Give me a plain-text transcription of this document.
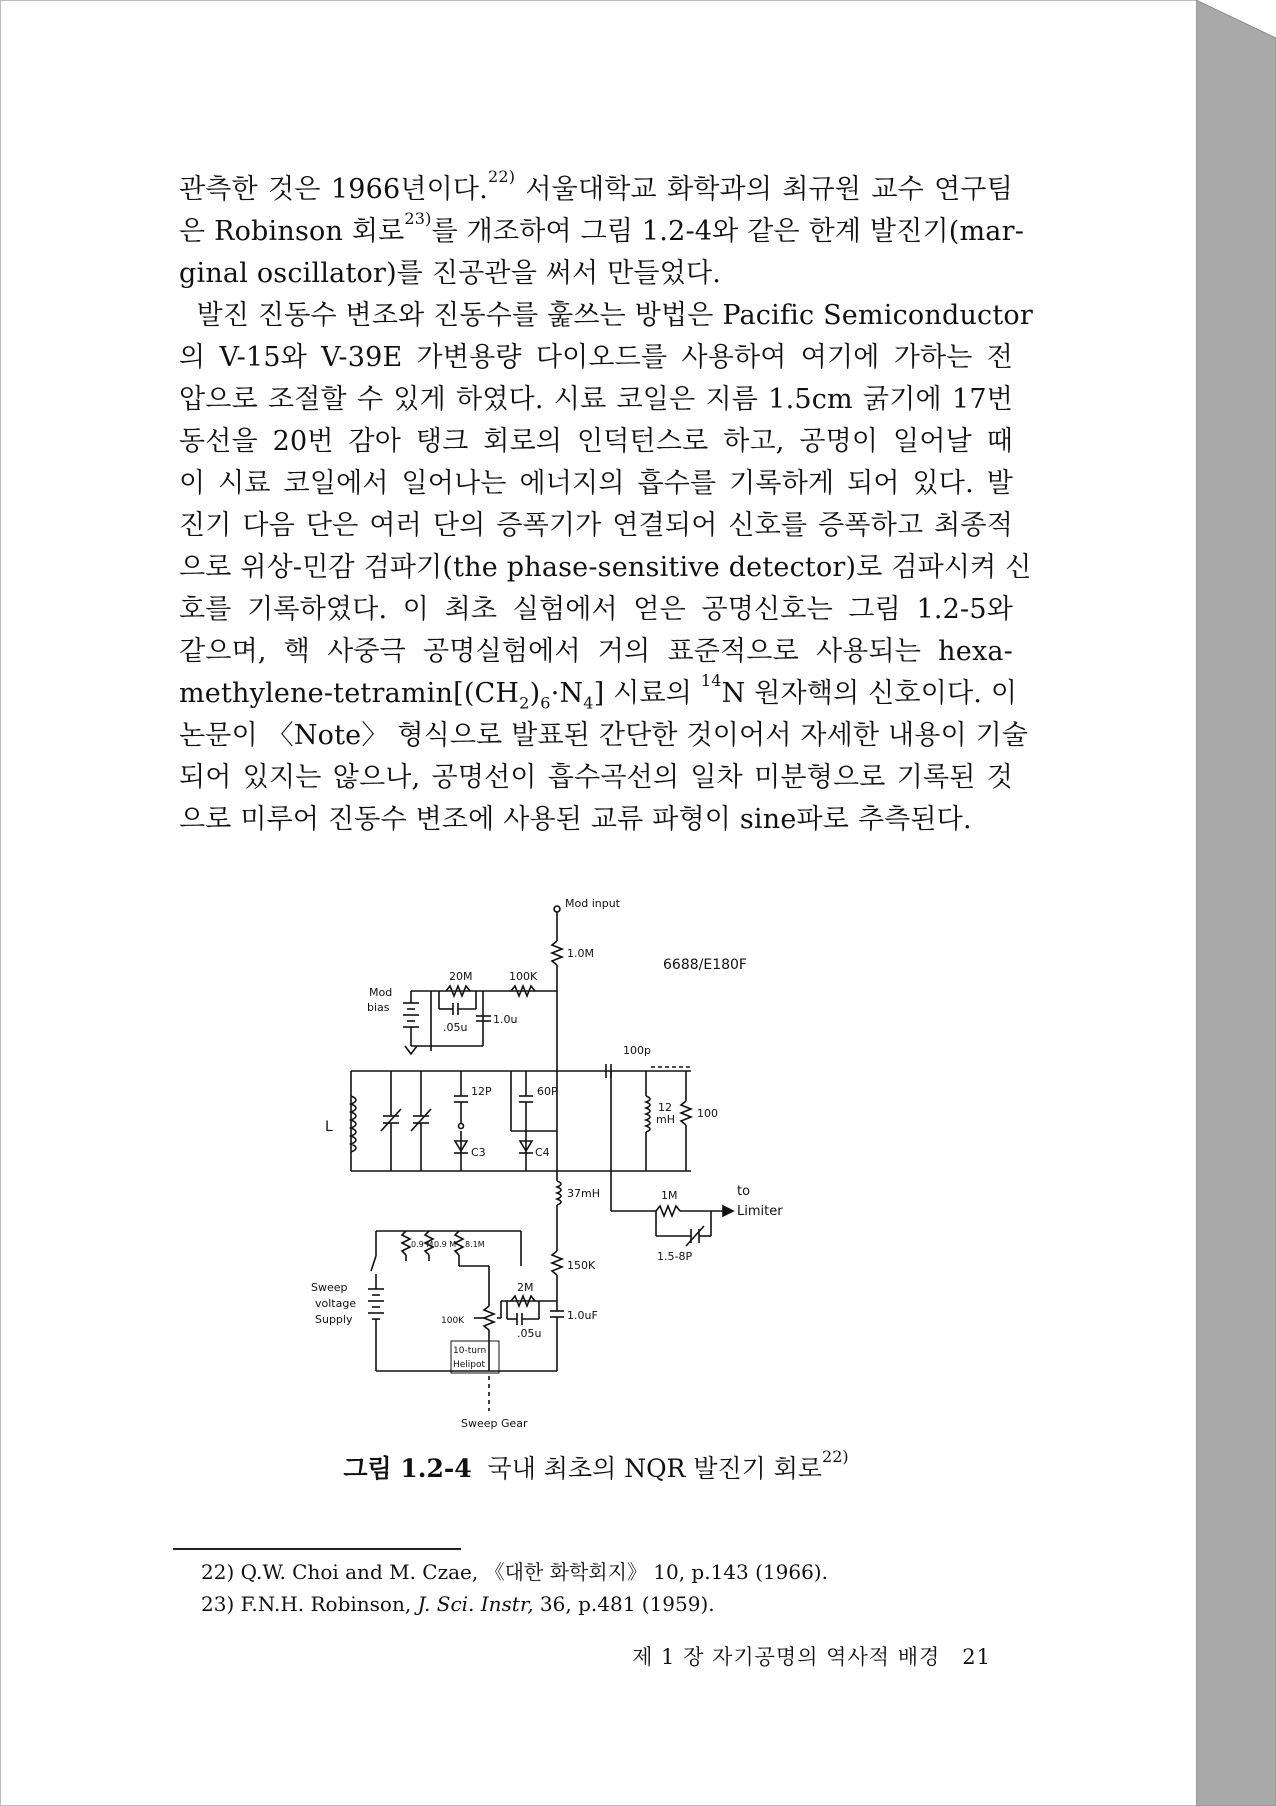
관측한 것은 1966년이다.$^{22)}$ 서울대학교 화학과의 최규원 교수 연구팀
은 Robinson 회로$^{23)}$를 개조하여 그림 1.2-4와 같은 한계 발진기(mar-
ginal oscillator)를 진공관을 써서 만들었다.
발진 진동수 변조와 진동수를 훑쓰는 방법은 Pacific Semiconductor
의 V-15와 V-39E 가변용량 다이오드를 사용하여 여기에 가하는 전
압으로 조절할 수 있게 하였다. 시료 코일은 지름 1.5cm 굵기에 17번
동선을 20번 감아 탱크 회로의 인덕턴스로 하고, 공명이 일어날 때
이 시료 코일에서 일어나는 에너지의 흡수를 기록하게 되어 있다. 발
진기 다음 단은 여러 단의 증폭기가 연결되어 신호를 증폭하고 최종적
으로 위상-민감 검파기(the phase-sensitive detector)로 검파시켜 신
호를 기록하였다. 이 최초 실험에서 얻은 공명신호는 그림 1.2-5와
같으며, 핵 사중극 공명실험에서 거의 표준적으로 사용되는 hexa-
methylene-$tetramin[(CH_2)_6\cdot N_4]$ 시료의 $^{14}$N 원자핵의 신호이다. 이
논문이 〈Note〉 형식으로 발표된 간단한 것이어서 자세한 내용이 기술
되어 있지는 않으나, 공명선이 흡수곡선의 일차 미분형으로 기록된 것
으로 미루어 진동수 변조에 사용된 교류 파형이 sine파로 추측된다.
Mod input
1.0M
6688/E180F
20M	100K
Mod
bias
.05u
1.0u
100p
12P	60P
L
C3	C4
12
mH 100
37mH	1M	to
Limiter
1.5-8P
150K
0.9 M 0.9 M 8.1M
Sweep
voltage
Supply
2M
100K
10-turn
Helipot
.05u
1.0uF
Sweep Gear
그림 1.2-4 국내 최초의 NQR 발진기 회로$^{22)}$
22) Q.W. Choi and M. Czae, 《대한 화학회지》 10, p.143 (1966).
23) F.N.H. Robinson, J. Sci. Instr, 36, p.481 (1959).
제 1 장 자기공명의 역사적 배경 21
